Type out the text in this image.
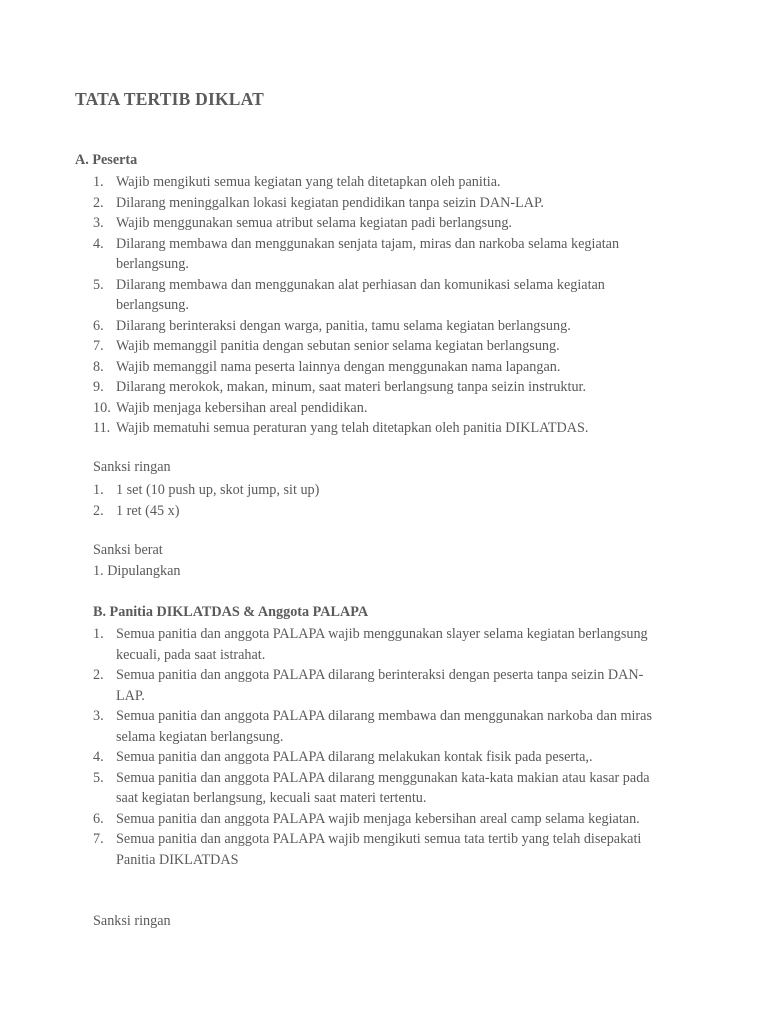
TATA TERTIB DIKLAT
A. Peserta
1. Wajib mengikuti semua kegiatan yang telah ditetapkan oleh panitia.
2. Dilarang meninggalkan lokasi kegiatan pendidikan tanpa seizin DAN-LAP.
3. Wajib menggunakan semua atribut selama kegiatan padi berlangsung.
4. Dilarang membawa dan menggunakan senjata tajam, miras dan narkoba selama kegiatan berlangsung.
5. Dilarang membawa dan menggunakan alat perhiasan dan komunikasi selama kegiatan berlangsung.
6. Dilarang berinteraksi dengan warga, panitia, tamu selama kegiatan berlangsung.
7. Wajib memanggil panitia dengan sebutan senior selama kegiatan berlangsung.
8. Wajib memanggil nama peserta lainnya dengan menggunakan nama lapangan.
9. Dilarang merokok, makan, minum, saat materi berlangsung tanpa seizin instruktur.
10. Wajib menjaga kebersihan areal pendidikan.
11. Wajib mematuhi semua peraturan yang telah ditetapkan oleh panitia DIKLATDAS.
Sanksi ringan
1. 1 set (10 push up, skot jump, sit up)
2. 1 ret (45 x)
Sanksi berat
1. Dipulangkan
B. Panitia DIKLATDAS & Anggota PALAPA
1. Semua panitia dan anggota PALAPA wajib menggunakan slayer selama kegiatan berlangsung kecuali, pada saat istrahat.
2. Semua panitia dan anggota PALAPA dilarang berinteraksi dengan peserta tanpa seizin DAN-LAP.
3. Semua panitia dan anggota PALAPA dilarang membawa dan menggunakan narkoba dan miras selama kegiatan berlangsung.
4. Semua panitia dan anggota PALAPA dilarang melakukan kontak fisik pada peserta,.
5. Semua panitia dan anggota PALAPA dilarang menggunakan kata-kata makian atau kasar pada saat kegiatan berlangsung, kecuali saat materi tertentu.
6. Semua panitia dan anggota PALAPA wajib menjaga kebersihan areal camp selama kegiatan.
7. Semua panitia dan anggota PALAPA wajib mengikuti semua tata tertib yang telah disepakati Panitia DIKLATDAS
Sanksi ringan
